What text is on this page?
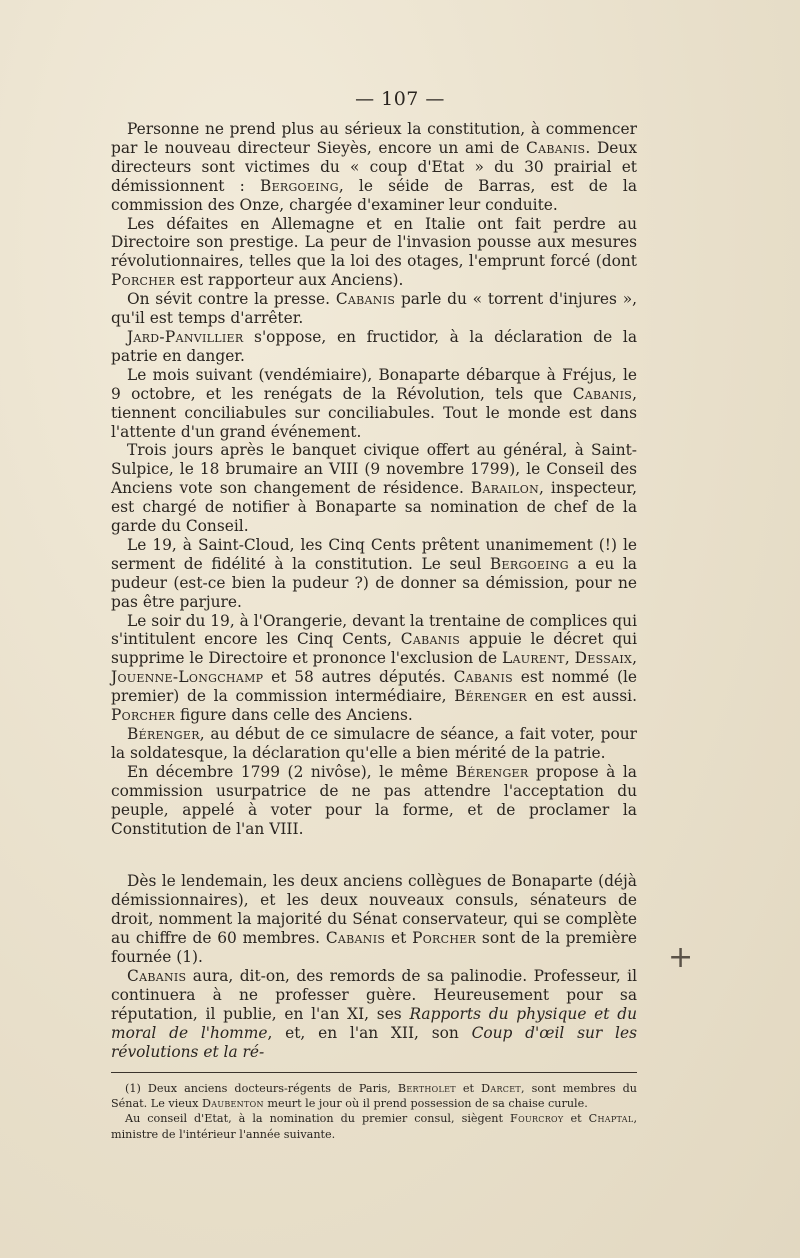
— 107 —

Personne ne prend plus au sérieux la constitution, à commencer par le nouveau directeur Sieyès, encore un ami de Cabanis. Deux directeurs sont victimes du « coup d'Etat » du 30 prairial et démissionnent : Bergoeing, le séide de Barras, est de la commission des Onze, chargée d'examiner leur conduite.

Les défaites en Allemagne et en Italie ont fait perdre au Directoire son prestige. La peur de l'invasion pousse aux mesures révolutionnaires, telles que la loi des otages, l'emprunt forcé (dont Porcher est rapporteur aux Anciens).

On sévit contre la presse. Cabanis parle du « torrent d'injures », qu'il est temps d'arrêter.

Jard-Panvillier s'oppose, en fructidor, à la déclaration de la patrie en danger.

Le mois suivant (vendémiaire), Bonaparte débarque à Fréjus, le 9 octobre, et les renégats de la Révolution, tels que Cabanis, tiennent conciliabules sur conciliabules. Tout le monde est dans l'attente d'un grand événement.

Trois jours après le banquet civique offert au général, à Saint-Sulpice, le 18 brumaire an VIII (9 novembre 1799), le Conseil des Anciens vote son changement de résidence. Barailon, inspecteur, est chargé de notifier à Bonaparte sa nomination de chef de la garde du Conseil.

Le 19, à Saint-Cloud, les Cinq Cents prêtent unanimement (!) le serment de fidélité à la constitution. Le seul Bergoeing a eu la pudeur (est-ce bien la pudeur ?) de donner sa démission, pour ne pas être parjure.

Le soir du 19, à l'Orangerie, devant la trentaine de complices qui s'intitulent encore les Cinq Cents, Cabanis appuie le décret qui supprime le Directoire et prononce l'exclusion de Laurent, Dessaix, Jouenne-Longchamp et 58 autres députés. Cabanis est nommé (le premier) de la commission intermédiaire, Bérenger en est aussi. Porcher figure dans celle des Anciens.

Bérenger, au début de ce simulacre de séance, a fait voter, pour la soldatesque, la déclaration qu'elle a bien mérité de la patrie.

En décembre 1799 (2 nivôse), le même Bérenger propose à la commission usurpatrice de ne pas attendre l'acceptation du peuple, appelé à voter pour la forme, et de proclamer la Constitution de l'an VIII.

Dès le lendemain, les deux anciens collègues de Bonaparte (déjà démissionnaires), et les deux nouveaux consuls, sénateurs de droit, nomment la majorité du Sénat conservateur, qui se complète au chiffre de 60 membres. Cabanis et Porcher sont de la première fournée (1).

Cabanis aura, dit-on, des remords de sa palinodie. Professeur, il continuera à ne professer guère. Heureusement pour sa réputation, il publie, en l'an XI, ses Rapports du physique et du moral de l'homme, et, en l'an XII, son Coup d'œil sur les révolutions et la ré-

(1) Deux anciens docteurs-régents de Paris, Bertholet et Darcet, sont membres du Sénat. Le vieux Daubenton meurt le jour où il prend possession de sa chaise curule.

Au conseil d'Etat, à la nomination du premier consul, siègent Fourcroy et Chaptal, ministre de l'intérieur l'année suivante.

+
